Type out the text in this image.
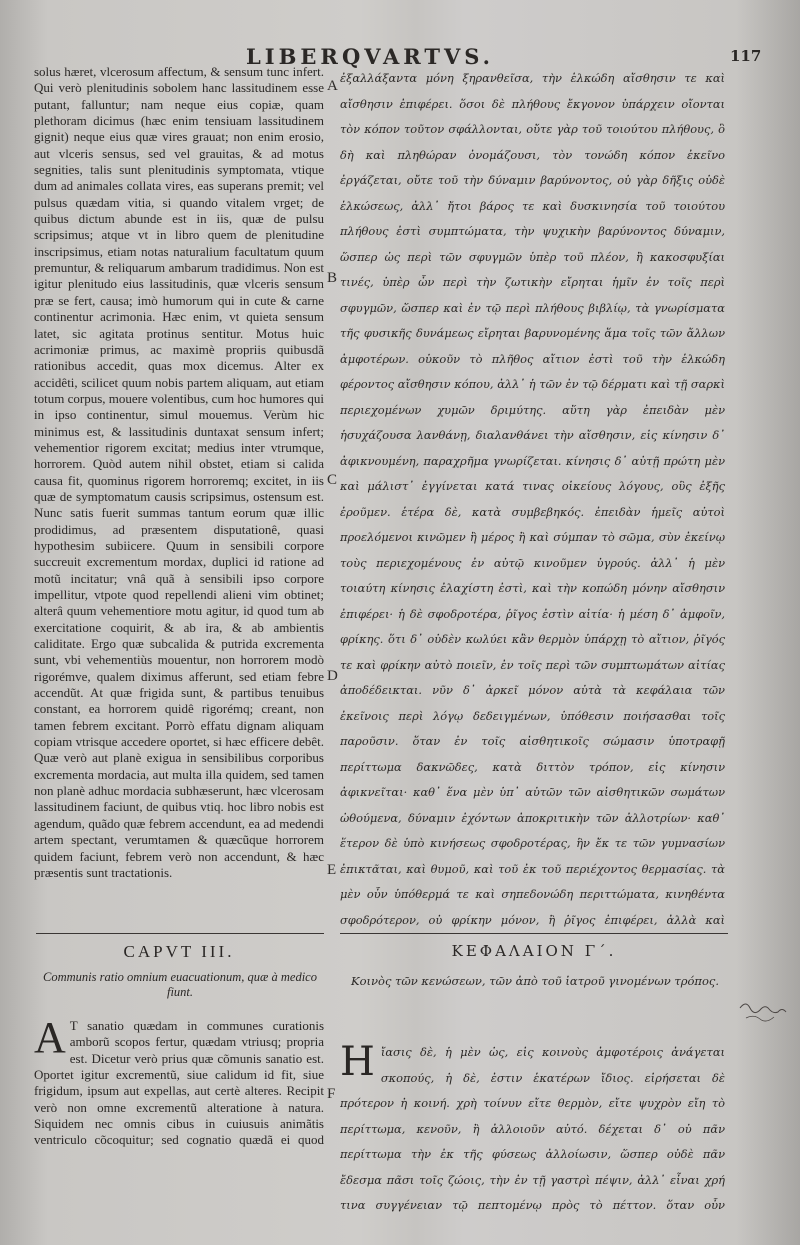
LIBER QVARTVS.	117

solus hæret, vlcerosum affectum, & sensum tunc infert. Qui verò plenitudinis sobolem hanc lassitudinem esse putant, falluntur; nam neque eius copiæ, quam plethoram dicimus (hæc enim tensiuam lassitudinem gignit) neque eius quæ vires grauat; non enim erosio, aut vlceris sensus, sed vel grauitas, & ad motus segnities, talis sunt plenitudinis symptomata, vtique dum ad animales collata vires, eas superans premit; vel pulsus quædam vitia, si quando vitalem vrget; de quibus dictum abunde est in iis, quæ de pulsu scripsimus; atque vt in libro quem de plenitudine inscripsimus, etiam notas naturalium facultatum quum premuntur, & reliquarum ambarum tradidimus. Non est igitur plenitudo eius lassitudinis, quæ vlceris sensum præ se fert, causa; imò humorum qui in cute & carne continentur acrimonia. Hæc enim, vt quieta sensum latet, sic agitata protinus sentitur. Motus huic acrimoniæ primus, ac maximè propriis quibusdã rationibus accedit, quas mox dicemus. Alter ex accidêti, scilicet quum nobis partem aliquam, aut etiam totum corpus, mouere volentibus, cum hoc humores qui in ipso continentur, simul mouemus. Verùm hic minimus est, & lassitudinis duntaxat sensum infert; vehementior rigorem excitat; medius inter vtrumque, horrorem. Quòd autem nihil obstet, etiam si calida causa fit, quominus rigorem horroremq; excitet, in iis quæ de symptomatum causis scripsimus, ostensum est. Nunc satis fuerit summas tantum eorum quæ illic prodidimus, ad præsentem disputationê, quasi hypothesim subiicere. Quum in sensibili corpore succreuit excrementum mordax, duplici id ratione ad motũ incitatur; vnâ quã à sensibili ipso corpore impellitur, vtpote quod repellendi alieni vim obtinet; alterâ quum vehementiore motu agitur, id quod tum ab exercitatione coquirit, & ab ira, & ab ambientis caliditate. Ergo quæ subcalida & putrida excrementa sunt, vbi vehementiùs mouentur, non horrorem modò rigorémve, qualem diximus afferunt, sed etiam febre accendũt. At quæ frigida sunt, & partibus tenuibus constant, ea horrorem quidê rigorémq; creant, non tamen febrem excitant. Porrò effatu dignam aliquam copiam vtrisque accedere oportet, si hæc efficere debêt. Quæ verò aut planè exigua in sensibilibus corporibus excrementa mordacia, aut multa illa quidem, sed tamen non planè adhuc mordacia subhæserunt, hæc vlcerosam lassitudinem faciunt, de quibus vtiq. hoc libro nobis est agendum, quãdo quæ febrem accendunt, ea ad medendi artem spectant, verumtamen & quæcũque horrorem quidem faciunt, febrem verò non accendunt, & hæc præsentis sunt tractationis.

ἐξαλλάξαντα μόνη ξηρανθεῖσα, τὴν ἑλκώδη αἴσθησιν τε καὶ αἴσθησιν ἐπιφέρει. ὅσοι δὲ πλήθους ἔκγονον ὑπάρχειν οἴονται τὸν κόπον τοῦτον σφάλλονται, οὔτε γὰρ τοῦ τοιούτου πλήθους, ὃ δὴ καὶ πληθώραν ὀνομάζουσι, τὸν τονώδη κόπον ἐκεῖνο ἐργάζεται, οὔτε τοῦ τὴν δύναμιν βαρύνοντος, οὐ γὰρ δῆξις οὐδὲ ἑλκώσεως, ἀλλ᾽ ἤτοι βάρος τε καὶ δυσκινησία τοῦ τοιούτου πλήθους ἐστὶ συμπτώματα, τὴν ψυχικὴν βαρύνοντος δύναμιν, ὥσπερ ὡς περὶ τῶν σφυγμῶν ὑπὲρ τοῦ πλέον, ἢ κακοσφυξίαι τινές, ὑπὲρ ὧν περὶ τὴν ζωτικὴν εἴρηται ἡμῖν ἐν τοῖς περὶ σφυγμῶν, ὥσπερ καὶ ἐν τῷ περὶ πλήθους βιβλίῳ, τὰ γνωρίσματα τῆς φυσικῆς δυνάμεως εἴρηται βαρυνομένης ἅμα τοῖς τῶν ἄλλων ἀμφοτέρων. οὐκοῦν τὸ πλῆθος αἴτιον ἐστὶ τοῦ τὴν ἑλκώδη φέροντος αἴσθησιν κόπου, ἀλλ᾽ ἡ τῶν ἐν τῷ δέρματι καὶ τῇ σαρκὶ περιεχομένων χυμῶν δριμύτης. αὕτη γὰρ ἐπειδὰν μὲν ἡσυχάζουσα λανθάνῃ, διαλανθάνει τὴν αἴσθησιν, εἰς κίνησιν δ᾽ ἀφικνουμένη, παραχρῆμα γνωρίζεται. κίνησις δ᾽ αὐτῇ πρώτη μὲν καὶ μάλιστ᾽ ἐγγίνεται κατά τινας οἰκείους λόγους, οὓς ἐξῆς ἐροῦμεν. ἑτέρα δὲ, κατὰ συμβεβηκός. ἐπειδὰν ἡμεῖς αὐτοὶ προελόμενοι κινῶμεν ἢ μέρος ἢ καὶ σύμπαν τὸ σῶμα, σὺν ἐκείνῳ τοὺς περιεχομένους ἐν αὐτῷ κινοῦμεν ὑγρούς. ἀλλ᾽ ἡ μὲν τοιαύτη κίνησις ἐλαχίστη ἐστὶ, καὶ τὴν κοπώδη μόνην αἴσθησιν ἐπιφέρει· ἡ δὲ σφοδροτέρα, ῥῖγος ἐστὶν αἰτία· ἡ μέση δ᾽ ἀμφοῖν, φρίκης. ὅτι δ᾽ οὐδὲν κωλύει κἂν θερμὸν ὑπάρχῃ τὸ αἴτιον, ῥῖγός τε καὶ φρίκην αὐτὸ ποιεῖν, ἐν τοῖς περὶ τῶν συμπτωμάτων αἰτίας ἀποδέδεικται. νῦν δ᾽ ἀρκεῖ μόνον αὐτὰ τὰ κεφάλαια τῶν ἐκεῖνοις περὶ λόγῳ δεδειγμένων, ὑπόθεσιν ποιήσασθαι τοῖς παροῦσιν. ὅταν ἐν τοῖς αἰσθητικοῖς σώμασιν ὑποτραφῇ περίττωμα δακνῶδες, κατὰ διττὸν τρόπον, εἰς κίνησιν ἀφικνεῖται· καθ᾽ ἕνα μὲν ὑπ᾽ αὐτῶν τῶν αἰσθητικῶν σωμάτων ὠθούμενα, δύναμιν ἐχόντων ἀποκριτικὴν τῶν ἀλλοτρίων· καθ᾽ ἕτερον δὲ ὑπὸ κινήσεως σφοδροτέρας, ἣν ἔκ τε τῶν γυμνασίων ἐπικτᾶται, καὶ θυμοῦ, καὶ τοῦ ἐκ τοῦ περιέχοντος θερμασίας. τὰ μὲν οὖν ὑπόθερμά τε καὶ σηπεδονώδη περιττώματα, κινηθέντα σφοδρότερον, οὐ φρίκην μόνον, ἢ ῥῖγος ἐπιφέρει, ἀλλὰ καὶ

A
B
C
D
E
F
CAPVT III.
Communis ratio omnium euacuationum, quæ à medico fiunt.
ΚΕΦΑΛΑΙΟΝ Γ΄.
Κοινὸς τῶν κενώσεων, τῶν ἀπὸ τοῦ ἰατροῦ γινομένων τρόπος.
A T sanatio quædam in communes curationis amborũ scopos fertur, quædam vtriusq; propria est. Dicetur verò prius quæ cõmunis sanatio est. Oportet igitur excrementũ, siue calidum id fit, siue frigidum, ipsum aut expellas, aut certè alteres. Recipit verò non omne excrementũ alteratione à natura. Siquidem nec omnis cibus in cuiusuis animãtis ventriculo cõcoquitur; sed cognatio quædã ei quod

Η ἴασις δὲ, ἡ μὲν ὡς, εἰς κοινοὺς ἀμφοτέροις ἀνάγεται σκοπούς, ἡ δὲ, ἐστιν ἑκατέρων ἴδιος. εἰρήσεται δὲ πρότερον ἡ κοινή. χρὴ τοίνυν εἴτε θερμὸν, εἴτε ψυχρὸν εἴη τὸ περίττωμα, κενοῦν, ἢ ἀλλοιοῦν αὐτό. δέχεται δ᾽ οὐ πᾶν περίττωμα τὴν ἐκ τῆς φύσεως ἀλλοίωσιν, ὥσπερ οὐδὲ πᾶν ἔδεσμα πᾶσι τοῖς ζώοις, τὴν ἐν τῇ γαστρὶ πέψιν, ἀλλ᾽ εἶναι χρή τινα συγγένειαν τῷ πεπτομένῳ πρὸς τὸ πέττον. ὅταν οὖν
